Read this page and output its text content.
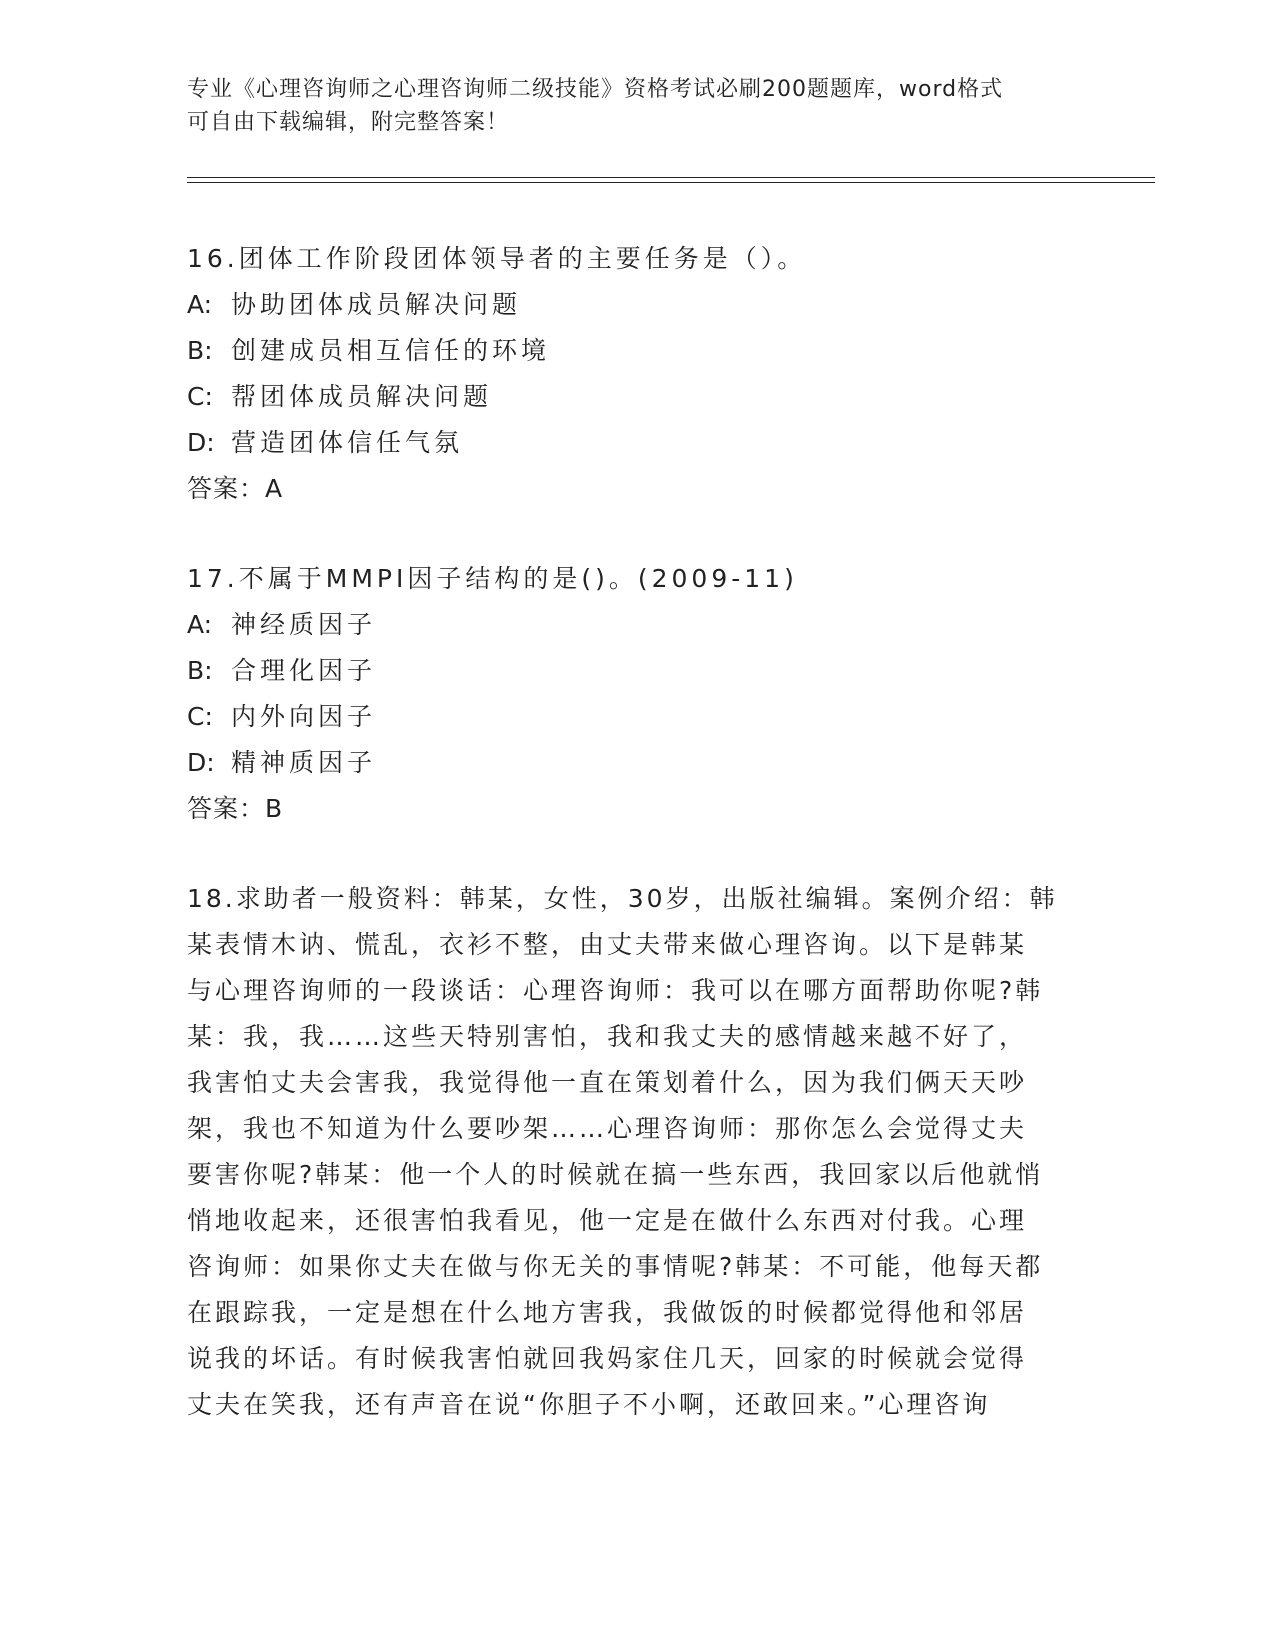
专业《心理咨询师之心理咨询师二级技能》资格考试必刷200题题库，word格式
可自由下载编辑，附完整答案！
16.团体工作阶段团体领导者的主要任务是（）。
A: 协助团体成员解决问题
B: 创建成员相互信任的环境
C: 帮团体成员解决问题
D: 营造团体信任气氛
答案：A
17.不属于MMPI因子结构的是()。(2009-11)
A: 神经质因子
B: 合理化因子
C: 内外向因子
D: 精神质因子
答案：B
18.求助者一般资料：韩某，女性，30岁，出版社编辑。案例介绍：韩
某表情木讷、慌乱，衣衫不整，由丈夫带来做心理咨询。以下是韩某
与心理咨询师的一段谈话：心理咨询师：我可以在哪方面帮助你呢?韩
某：我，我……这些天特别害怕，我和我丈夫的感情越来越不好了，
我害怕丈夫会害我，我觉得他一直在策划着什么，因为我们俩天天吵
架，我也不知道为什么要吵架……心理咨询师：那你怎么会觉得丈夫
要害你呢?韩某：他一个人的时候就在搞一些东西，我回家以后他就悄
悄地收起来，还很害怕我看见，他一定是在做什么东西对付我。心理
咨询师：如果你丈夫在做与你无关的事情呢?韩某：不可能，他每天都
在跟踪我，一定是想在什么地方害我，我做饭的时候都觉得他和邻居
说我的坏话。有时候我害怕就回我妈家住几天，回家的时候就会觉得
丈夫在笑我，还有声音在说“你胆子不小啊，还敢回来。”心理咨询
